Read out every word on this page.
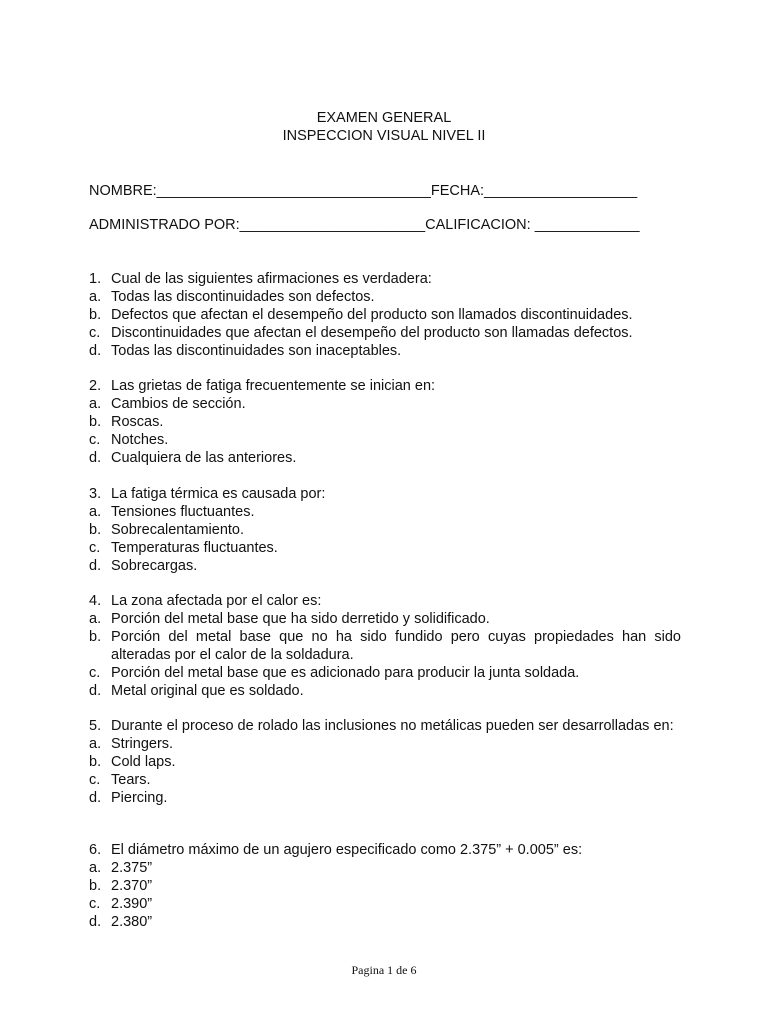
EXAMEN GENERAL
INSPECCION VISUAL NIVEL II
NOMBRE:__________________________________FECHA:___________________
ADMINISTRADO POR:_______________________CALIFICACION: _____________
1. Cual de las siguientes afirmaciones es verdadera:
a. Todas las discontinuidades son defectos.
b. Defectos que afectan el desempeño del producto son llamados discontinuidades.
c. Discontinuidades que afectan el desempeño del producto son llamadas defectos.
d. Todas las discontinuidades son inaceptables.
2. Las grietas de fatiga frecuentemente se inician en:
a. Cambios de sección.
b. Roscas.
c. Notches.
d. Cualquiera de las anteriores.
3. La fatiga térmica es causada por:
a. Tensiones fluctuantes.
b. Sobrecalentamiento.
c. Temperaturas fluctuantes.
d. Sobrecargas.
4. La zona afectada por el calor es:
a. Porción del metal base que ha sido derretido y solidificado.
b. Porción del metal base que no ha sido fundido pero cuyas propiedades han sido alteradas por el calor de la soldadura.
c. Porción del metal base que es adicionado para producir la junta soldada.
d. Metal original que es soldado.
5. Durante el proceso de rolado las inclusiones no metálicas pueden ser desarrolladas en:
a. Stringers.
b. Cold laps.
c. Tears.
d. Piercing.
6. El diámetro máximo de un agujero especificado como 2.375” + 0.005” es:
a. 2.375”
b. 2.370”
c. 2.390”
d. 2.380”
Pagina 1 de 6
